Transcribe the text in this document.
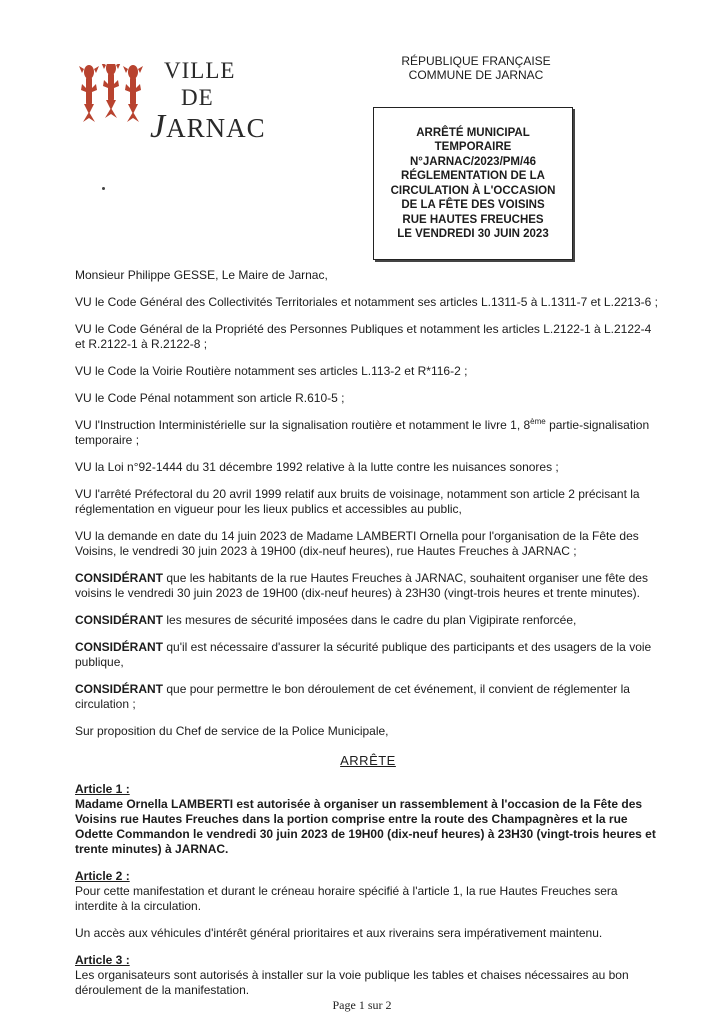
VILLE
DE
JARNAC
RÉPUBLIQUE FRANÇAISE
COMMUNE DE JARNAC
ARRÊTÉ MUNICIPAL
TEMPORAIRE
N°JARNAC/2023/PM/46
RÉGLEMENTATION DE LA
CIRCULATION À L'OCCASION
DE LA FÊTE DES VOISINS
RUE HAUTES FREUCHES
LE VENDREDI 30 JUIN 2023

Monsieur Philippe GESSE, Le Maire de Jarnac,

VU le Code Général des Collectivités Territoriales et notamment ses articles L.1311-5 à L.1311-7 et L.2213-6 ;

VU le Code Général de la Propriété des Personnes Publiques et notamment les articles L.2122-1 à L.2122-4 et R.2122-1 à R.2122-8 ;

VU le Code la Voirie Routière notamment ses articles L.113-2 et R*116-2 ;

VU le Code Pénal notamment son article R.610-5 ;

VU l'Instruction Interministérielle sur la signalisation routière et notamment le livre 1, 8ème partie-signalisation temporaire ;

VU la Loi n°92-1444 du 31 décembre 1992 relative à la lutte contre les nuisances sonores ;

VU l'arrêté Préfectoral du 20 avril 1999 relatif aux bruits de voisinage, notamment son article 2 précisant la réglementation en vigueur pour les lieux publics et accessibles au public,

VU la demande en date du 14 juin 2023 de Madame LAMBERTI Ornella pour l'organisation de la Fête des Voisins, le vendredi 30 juin 2023 à 19H00 (dix-neuf heures), rue Hautes Freuches à JARNAC ;

CONSIDÉRANT que les habitants de la rue Hautes Freuches à JARNAC, souhaitent organiser une fête des voisins le vendredi 30 juin 2023 de 19H00 (dix-neuf heures) à 23H30 (vingt-trois heures et trente minutes).

CONSIDÉRANT les mesures de sécurité imposées dans le cadre du plan Vigipirate renforcée,

CONSIDÉRANT qu'il est nécessaire d'assurer la sécurité publique des participants et des usagers de la voie publique,

CONSIDÉRANT que pour permettre le bon déroulement de cet événement, il convient de réglementer la circulation ;

Sur proposition du Chef de service de la Police Municipale,

ARRÊTE

Article 1 :

Madame Ornella LAMBERTI est autorisée à organiser un rassemblement à l'occasion de la Fête des Voisins rue Hautes Freuches dans la portion comprise entre la route des Champagnères et la rue Odette Commandon le vendredi 30 juin 2023 de 19H00 (dix-neuf heures) à 23H30 (vingt-trois heures et trente minutes) à JARNAC.

Article 2 :

Pour cette manifestation et durant le créneau horaire spécifié à l'article 1, la rue Hautes Freuches sera interdite à la circulation.

Un accès aux véhicules d'intérêt général prioritaires et aux riverains sera impérativement maintenu.

Article 3 :

Les organisateurs sont autorisés à installer sur la voie publique les tables et chaises nécessaires au bon déroulement de la manifestation.

Page 1 sur 2
